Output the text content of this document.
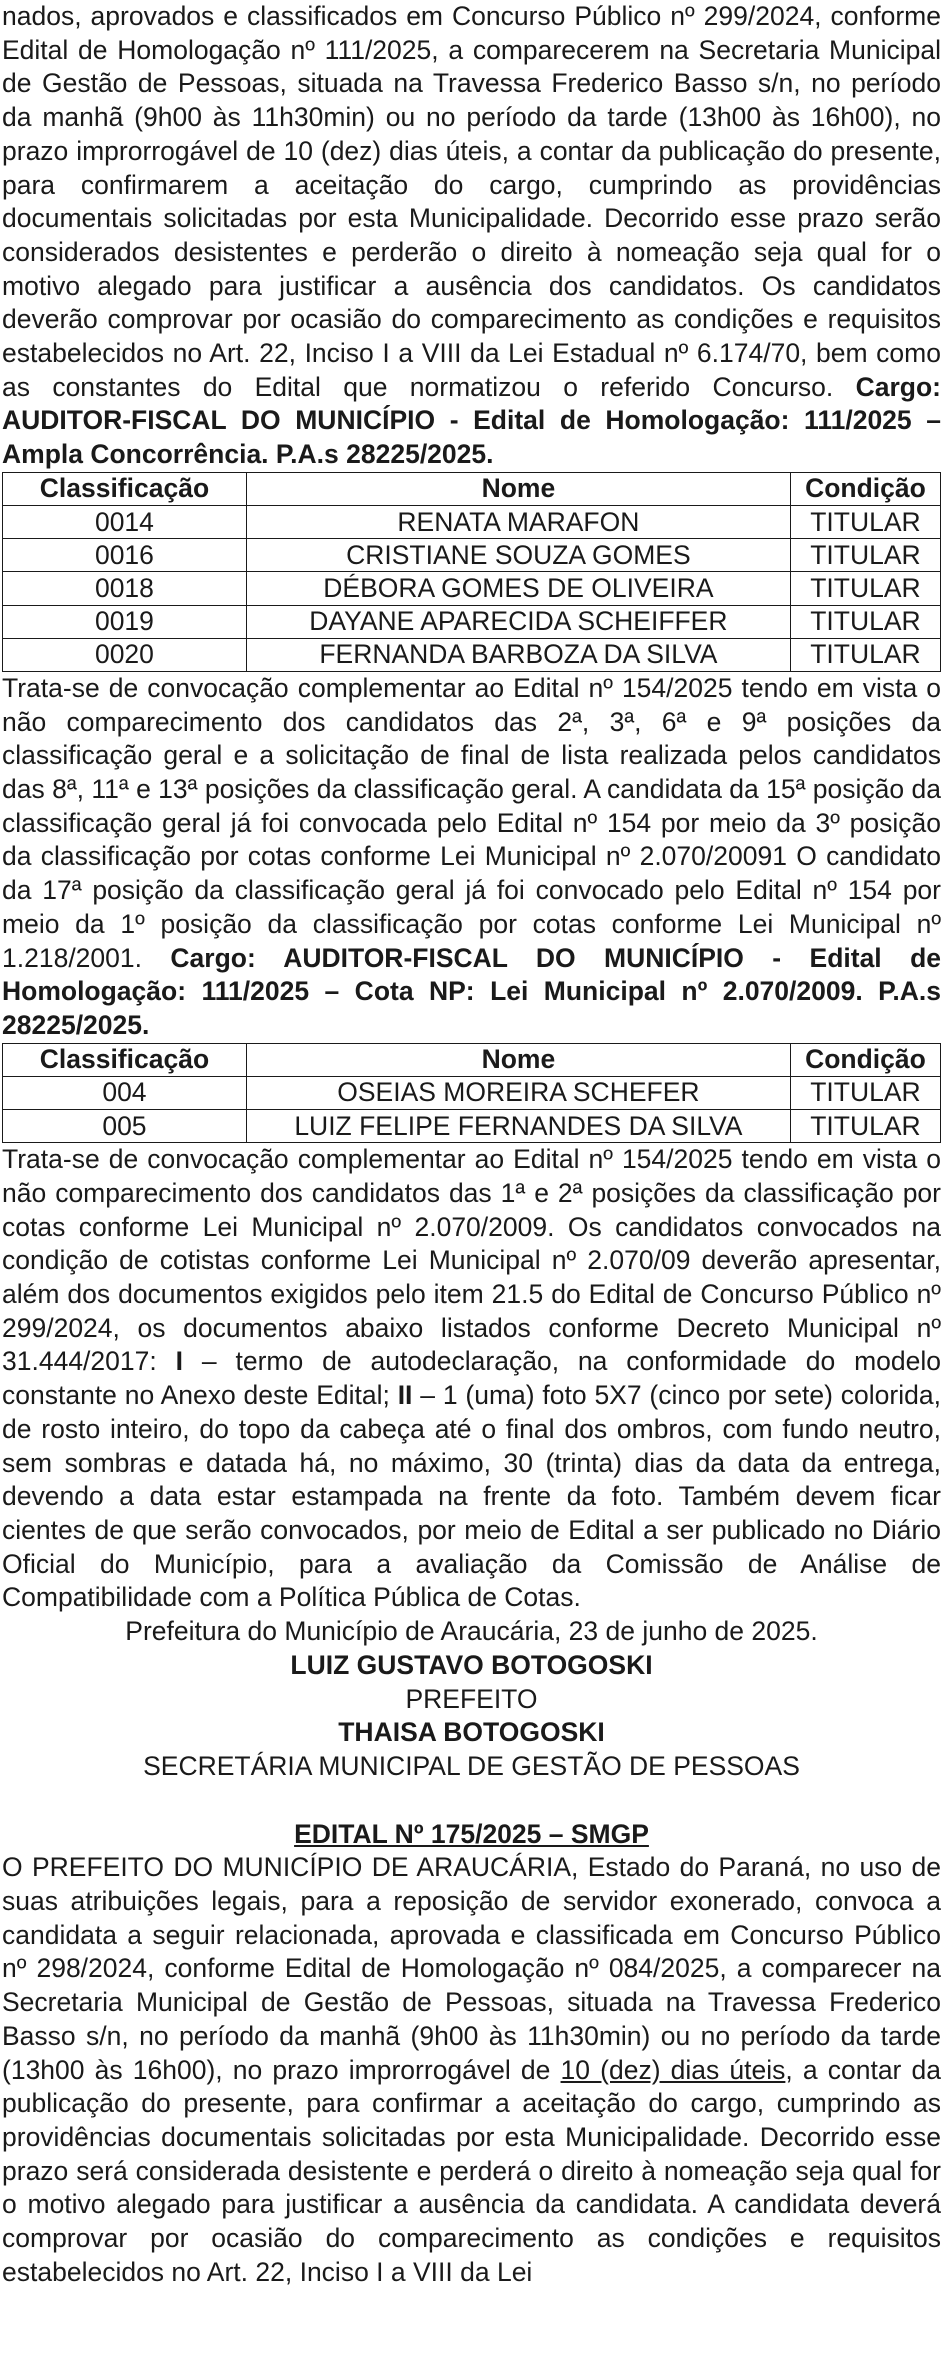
nados, aprovados e classificados em Concurso Público nº 299/2024, conforme Edital de Homologação nº 111/2025, a comparecerem na Secretaria Municipal de Gestão de Pessoas, situada na Travessa Frederico Basso s/n, no período da manhã (9h00 às 11h30min) ou no período da tarde (13h00 às 16h00), no prazo improrrogável de 10 (dez) dias úteis, a contar da publicação do presente, para confirmarem a aceitação do cargo, cumprindo as providências documentais solicitadas por esta Municipalidade. Decorrido esse prazo serão considerados desistentes e perderão o direito à nomeação seja qual for o motivo alegado para justificar a ausência dos candidatos. Os candidatos deverão comprovar por ocasião do comparecimento as condições e requisitos estabelecidos no Art. 22, Inciso I a VIII da Lei Estadual nº 6.174/70, bem como as constantes do Edital que normatizou o referido Concurso. Cargo: AUDITOR-FISCAL DO MUNICÍPIO - Edital de Homologação: 111/2025 – Ampla Concorrência. P.A.s 28225/2025.

Classificação	Nome	Condição
0014	RENATA MARAFON	TITULAR
0016	CRISTIANE SOUZA GOMES	TITULAR
0018	DÉBORA GOMES DE OLIVEIRA	TITULAR
0019	DAYANE APARECIDA SCHEIFFER	TITULAR
0020	FERNANDA BARBOZA DA SILVA	TITULAR

Trata-se de convocação complementar ao Edital nº 154/2025 tendo em vista o não comparecimento dos candidatos das 2ª, 3ª, 6ª e 9ª posições da classificação geral e a solicitação de final de lista realizada pelos candidatos das 8ª, 11ª e 13ª posições da classificação geral. A candidata da 15ª posição da classificação geral já foi convocada pelo Edital nº 154 por meio da 3º posição da classificação por cotas conforme Lei Municipal nº 2.070/20091 O candidato da 17ª posição da classificação geral já foi convocado pelo Edital nº 154 por meio da 1º posição da classificação por cotas conforme Lei Municipal nº 1.218/2001. Cargo: AUDITOR-FISCAL DO MUNICÍPIO - Edital de Homologação: 111/2025 – Cota NP: Lei Municipal nº 2.070/2009. P.A.s 28225/2025.

Classificação	Nome	Condição
004	OSEIAS MOREIRA SCHEFER	TITULAR
005	LUIZ FELIPE FERNANDES DA SILVA	TITULAR

Trata-se de convocação complementar ao Edital nº 154/2025 tendo em vista o não comparecimento dos candidatos das 1ª e 2ª posições da classificação por cotas conforme Lei Municipal nº 2.070/2009. Os candidatos convocados na condição de cotistas conforme Lei Municipal nº 2.070/09 deverão apresentar, além dos documentos exigidos pelo item 21.5 do Edital de Concurso Público nº 299/2024, os documentos abaixo listados conforme Decreto Municipal nº 31.444/2017: I – termo de autodeclaração, na conformidade do modelo constante no Anexo deste Edital; II – 1 (uma) foto 5X7 (cinco por sete) colorida, de rosto inteiro, do topo da cabeça até o final dos ombros, com fundo neutro, sem sombras e datada há, no máximo, 30 (trinta) dias da data da entrega, devendo a data estar estampada na frente da foto. Também devem ficar cientes de que serão convocados, por meio de Edital a ser publicado no Diário Oficial do Município, para a avaliação da Comissão de Análise de Compatibilidade com a Política Pública de Cotas.

Prefeitura do Município de Araucária, 23 de junho de 2025.

LUIZ GUSTAVO BOTOGOSKI

PREFEITO

THAISA BOTOGOSKI

SECRETÁRIA MUNICIPAL DE GESTÃO DE PESSOAS

EDITAL Nº 175/2025 – SMGP

O PREFEITO DO MUNICÍPIO DE ARAUCÁRIA, Estado do Paraná, no uso de suas atribuições legais, para a reposição de servidor exonerado, convoca a candidata a seguir relacionada, aprovada e classificada em Concurso Público nº 298/2024, conforme Edital de Homologação nº 084/2025, a comparecer na Secretaria Municipal de Gestão de Pessoas, situada na Travessa Frederico Basso s/n, no período da manhã (9h00 às 11h30min) ou no período da tarde (13h00 às 16h00), no prazo improrrogável de 10 (dez) dias úteis, a contar da publicação do presente, para confirmar a aceitação do cargo, cumprindo as providências documentais solicitadas por esta Municipalidade. Decorrido esse prazo será considerada desistente e perderá o direito à nomeação seja qual for o motivo alegado para justificar a ausência da candidata. A candidata deverá comprovar por ocasião do comparecimento as condições e requisitos estabelecidos no Art. 22, Inciso I a VIII da Lei
